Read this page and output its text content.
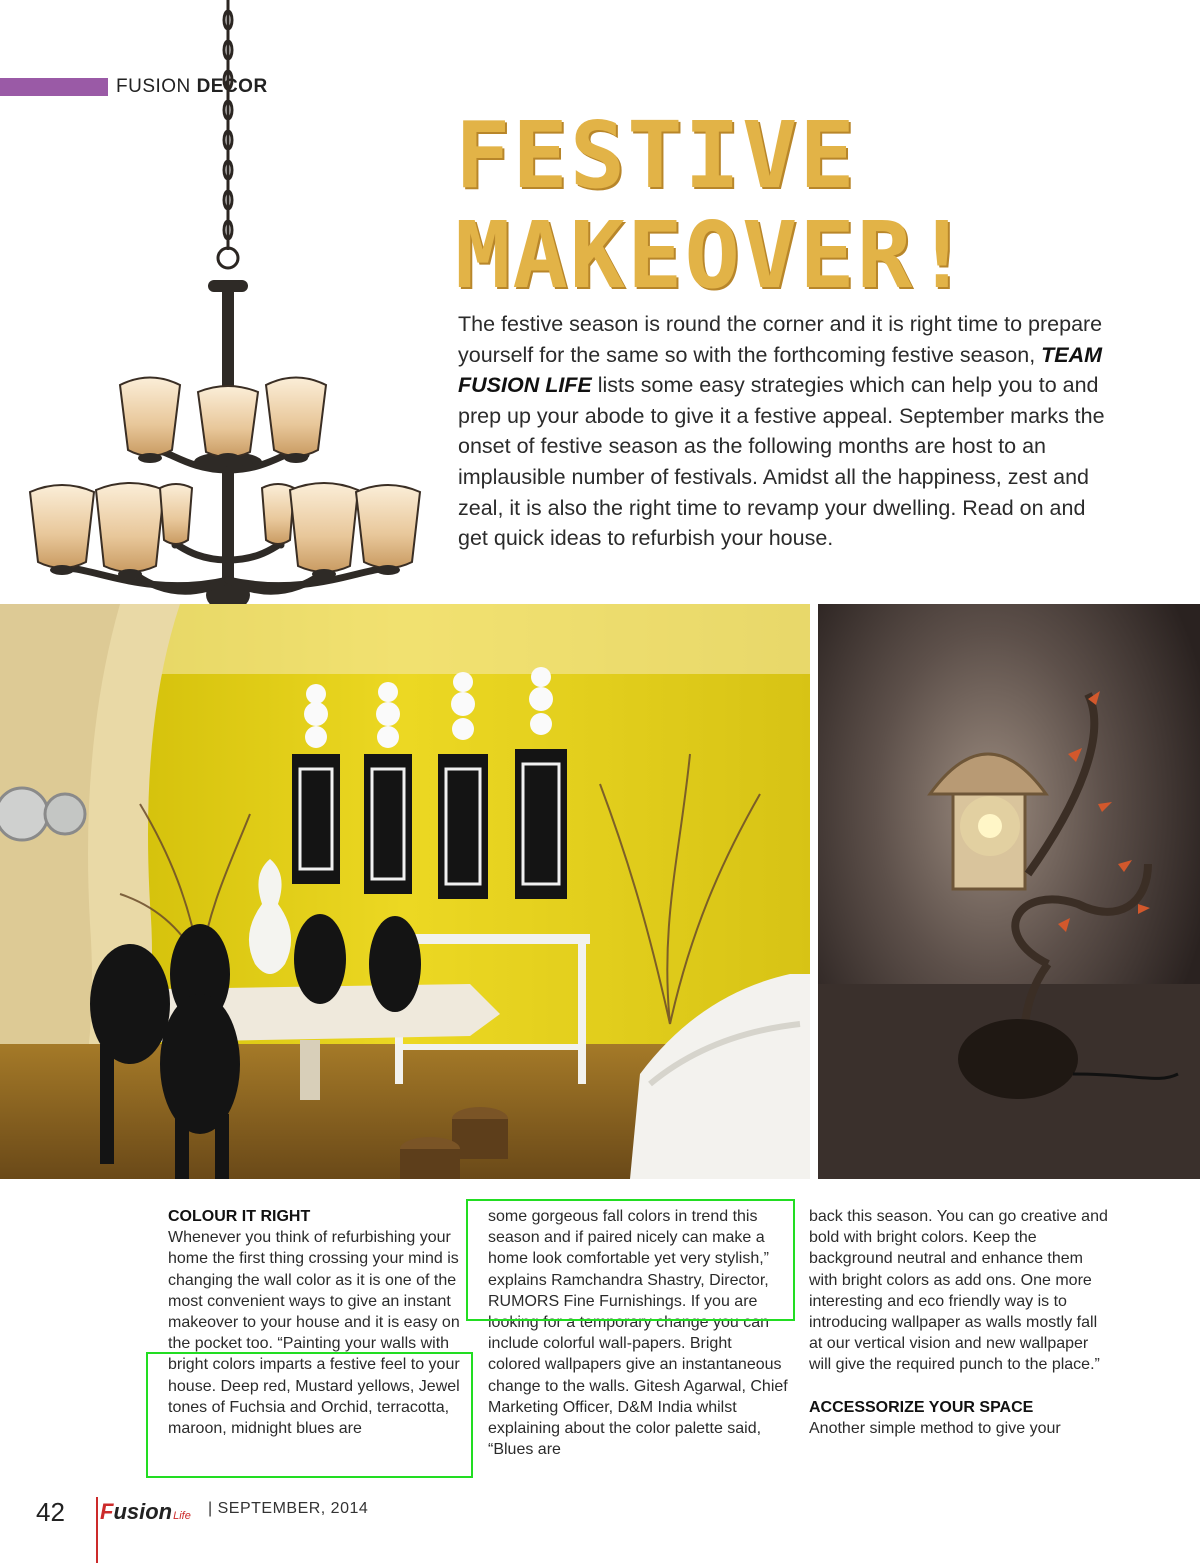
FUSION DECOR
FESTIVE
MAKEOVER!
The festive season is round the corner and it is right time to prepare yourself for the same so with the forthcoming festive season, TEAM FUSION LIFE lists some easy strategies which can help you to and prep up your abode to give it a festive appeal. September marks the onset of festive season as the following months are host to an implausible number of festivals. Amidst all the happiness, zest and zeal, it is also the right time to revamp your dwelling. Read on and get quick ideas to refurbish your house.

COLOUR IT RIGHT

Whenever you think of refurbishing your home the first thing crossing your mind is changing the wall color as it is one of the most convenient ways to give an instant makeover to your house and it is easy on the pocket too. “Painting your walls with bright colors imparts a festive feel to your house. Deep red, Mustard yellows, Jewel tones of Fuchsia and Orchid, terracotta, maroon, midnight blues are

some gorgeous fall colors in trend this season and if paired nicely can make a home look comfortable yet very stylish,” explains Ramchandra Shastry, Director, RUMORS Fine Furnishings. If you are looking for a temporary change you can include colorful wall-papers. Bright colored wallpapers give an instantaneous change to the walls. Gitesh Agarwal, Chief Marketing Officer, D&M India whilst explaining about the color palette said, “Blues are

back this season. You can go creative and bold with bright colors. Keep the background neutral and enhance them with bright colors as add ons. One more interesting and eco friendly way is to introducing wallpaper as walls mostly fall at our vertical vision and new wallpaper will give the required punch to the place.”

ACCESSORIZE YOUR SPACE

Another simple method to give your

42 FusionLife | SEPTEMBER, 2014
